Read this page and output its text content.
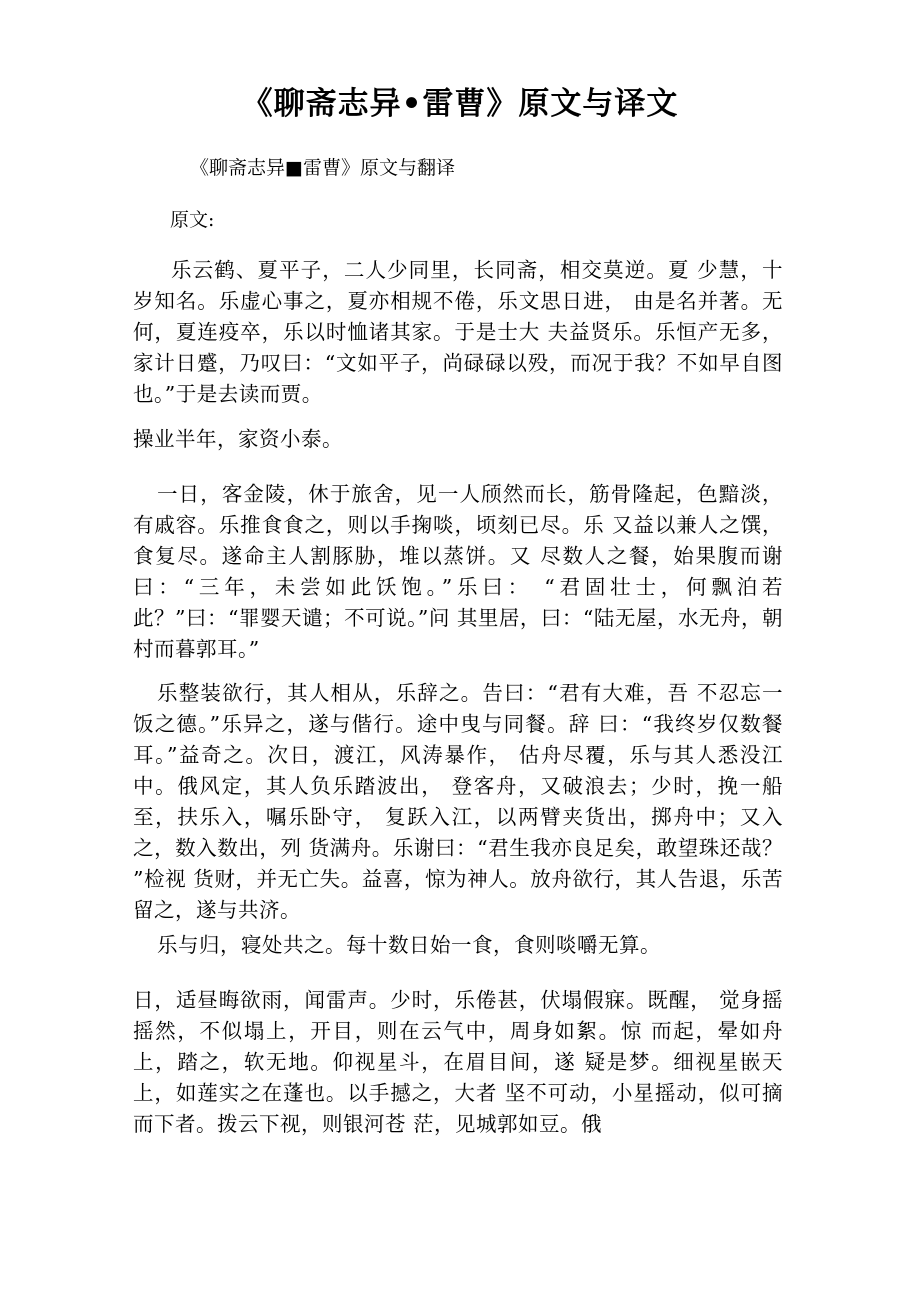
《聊斋志异•雷曹》原文与译文
《聊斋志异■雷曹》原文与翻译
原文:

乐云鹤、夏平子，二人少同里，长同斋，相交莫逆。夏 少慧，十岁知名。乐虚心事之，夏亦相规不倦，乐文思日进， 由是名并著。无何，夏连疫卒，乐以时恤诸其家。于是士大 夫益贤乐。乐恒产无多，家计日蹙，乃叹曰：“文如平子，尚碌碌以殁，而况于我？不如早自图也。”于是去读而贾。

操业半年，家资小泰。

一日，客金陵，休于旅舍，见一人颀然而长，筋骨隆起，色黯淡，有戚容。乐推食食之，则以手掬啖，顷刻已尽。乐 又益以兼人之馔，食复尽。遂命主人割豚胁，堆以蒸饼。又 尽数人之餐，始果腹而谢曰：“三年，未尝如此饫饱。”乐曰： “君固壮士，何飘泊若此？”曰：“罪婴天谴；不可说。”问 其里居，曰：“陆无屋，水无舟，朝村而暮郭耳。”

乐整装欲行，其人相从，乐辞之。告曰：“君有大难，吾 不忍忘一饭之德。”乐异之，遂与偕行。途中曳与同餐。辞 曰：“我终岁仅数餐耳。”益奇之。次日，渡江，风涛暴作， 估舟尽覆，乐与其人悉没江中。俄风定，其人负乐踏波出， 登客舟，又破浪去；少时，挽一船至，扶乐入，嘱乐卧守， 复跃入江，以两臂夹货出，掷舟中；又入之，数入数出，列 货满舟。乐谢曰：“君生我亦良足矣，敢望珠还哉？ ”检视 货财，并无亡失。益喜，惊为神人。放舟欲行，其人告退，乐苦留之，遂与共济。

乐与归，寝处共之。每十数日始一食，食则啖嚼无算。

日，适昼晦欲雨，闻雷声。少时，乐倦甚，伏塌假寐。既醒， 觉身摇摇然，不似塌上，开目，则在云气中，周身如絮。惊 而起，晕如舟上，踏之，软无地。仰视星斗，在眉目间，遂 疑是梦。细视星嵌天上，如莲实之在蓬也。以手撼之，大者 坚不可动，小星摇动，似可摘而下者。拨云下视，则银河苍 茫，见城郭如豆。俄
